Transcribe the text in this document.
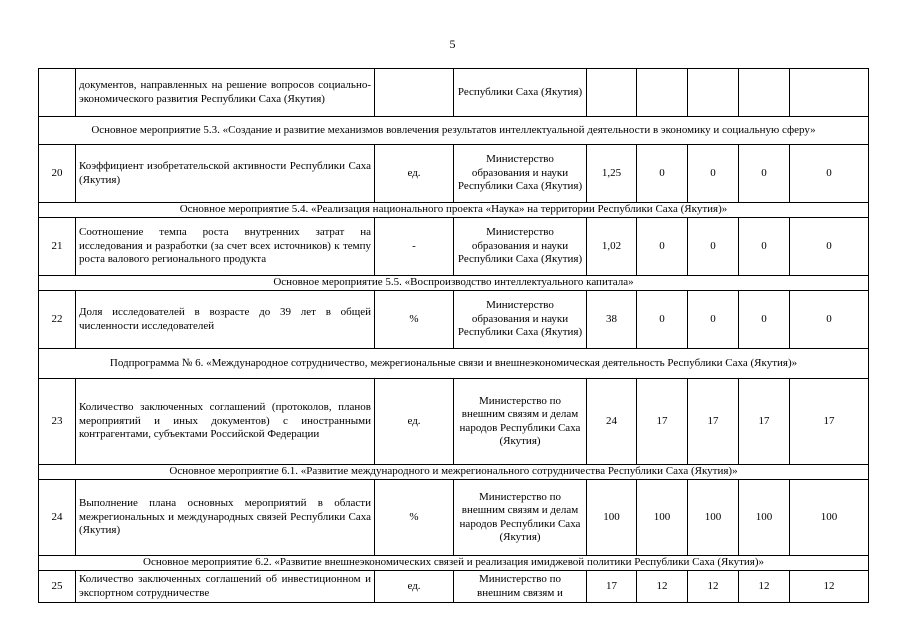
5
	документов, направленных на решение вопросов социально-экономического развития Республики Саха (Якутия)		Республики Саха (Якутия)					
Основное мероприятие 5.3. «Создание и развитие механизмов вовлечения результатов интеллектуальной деятельности в экономику и социальную сферу»								
20	Коэффициент изобретательской активности Республики Саха (Якутия)	ед.	Министерство образования и науки Республики Саха (Якутия)	1,25	0	0	0	0
Основное мероприятие 5.4. «Реализация национального проекта «Наука» на территории Республики Саха (Якутия)»								
21	Соотношение темпа роста внутренних затрат на исследования и разработки (за счет всех источников) к темпу роста валового регионального продукта	-	Министерство образования и науки Республики Саха (Якутия)	1,02	0	0	0	0
Основное мероприятие 5.5. «Воспроизводство интеллектуального капитала»								
22	Доля исследователей в возрасте до 39 лет в общей численности исследователей	%	Министерство образования и науки Республики Саха (Якутия)	38	0	0	0	0
Подпрограмма № 6. «Международное сотрудничество, межрегиональные связи и внешнеэкономическая деятельность Республики Саха (Якутия)»								
23	Количество заключенных соглашений (протоколов, планов мероприятий и иных документов) с иностранными контрагентами, субъектами Российской Федерации	ед.	Министерство по внешним связям и делам народов Республики Саха (Якутия)	24	17	17	17	17
Основное мероприятие 6.1. «Развитие международного и межрегионального сотрудничества Республики Саха (Якутия)»								
24	Выполнение плана основных мероприятий в области межрегиональных и международных связей Республики Саха (Якутия)	%	Министерство по внешним связям и делам народов Республики Саха (Якутия)	100	100	100	100	100
Основное мероприятие 6.2. «Развитие внешнеэкономических связей и реализация имиджевой политики Республики Саха (Якутия)»								
25	Количество заключенных соглашений об инвестиционном и экспортном сотрудничестве	ед.	Министерство по внешним связям и	17	12	12	12	12
